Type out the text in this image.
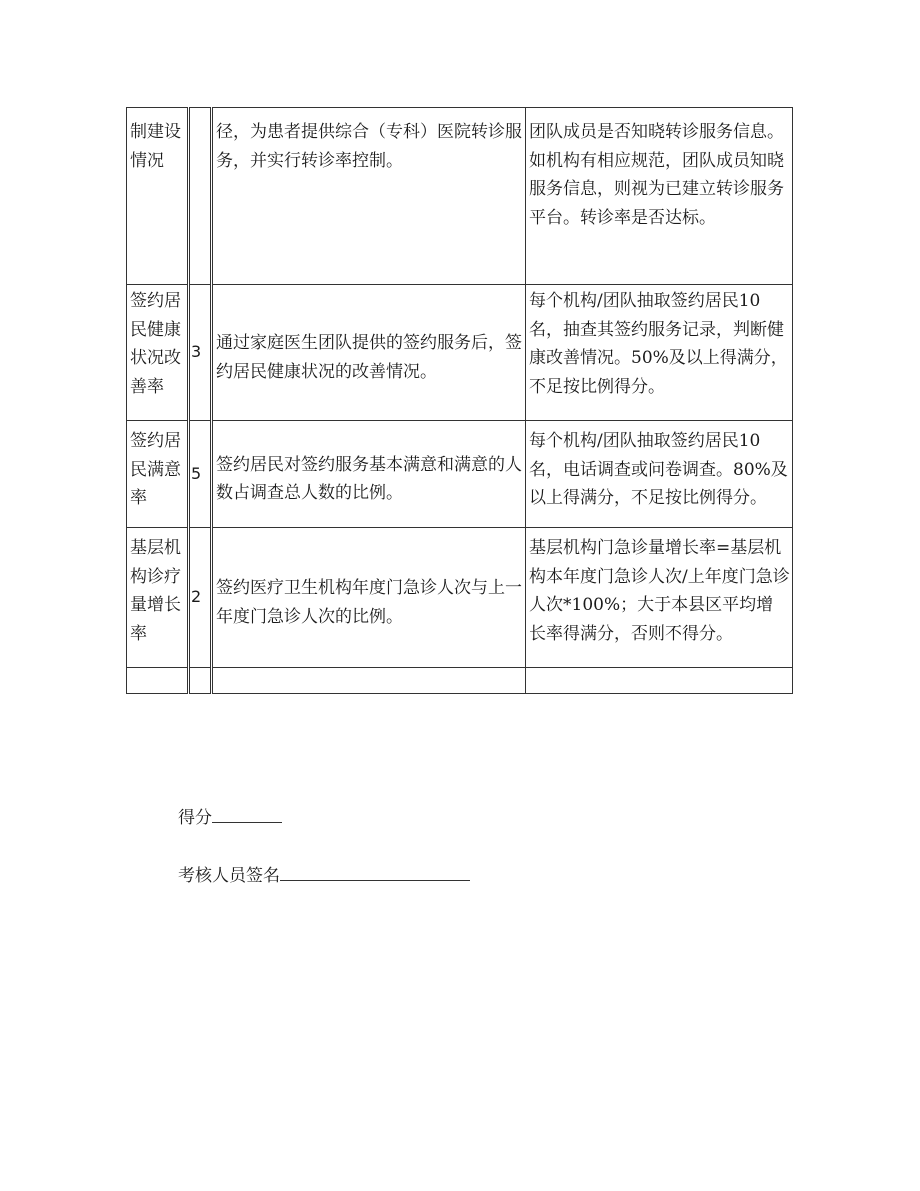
制建设情况		径，为患者提供综合（专科）医院转诊服务，并实行转诊率控制。	团队成员是否知晓转诊服务信息。如机构有相应规范，团队成员知晓服务信息，则视为已建立转诊服务平台。转诊率是否达标。
签约居民健康状况改善率	3	通过家庭医生团队提供的签约服务后，签约居民健康状况的改善情况。	每个机构/团队抽取签约居民10名，抽查其签约服务记录，判断健康改善情况。50%及以上得满分，不足按比例得分。
签约居民满意率	5	签约居民对签约服务基本满意和满意的人数占调查总人数的比例。	每个机构/团队抽取签约居民10名，电话调查或问卷调查。80%及以上得满分，不足按比例得分。
基层机构诊疗量增长率	2	签约医疗卫生机构年度门急诊人次与上一年度门急诊人次的比例。	基层机构门急诊量增长率=基层机构本年度门急诊人次/上年度门急诊人次*100%；大于本县区平均增长率得满分，否则不得分。

得分
考核人员签名
